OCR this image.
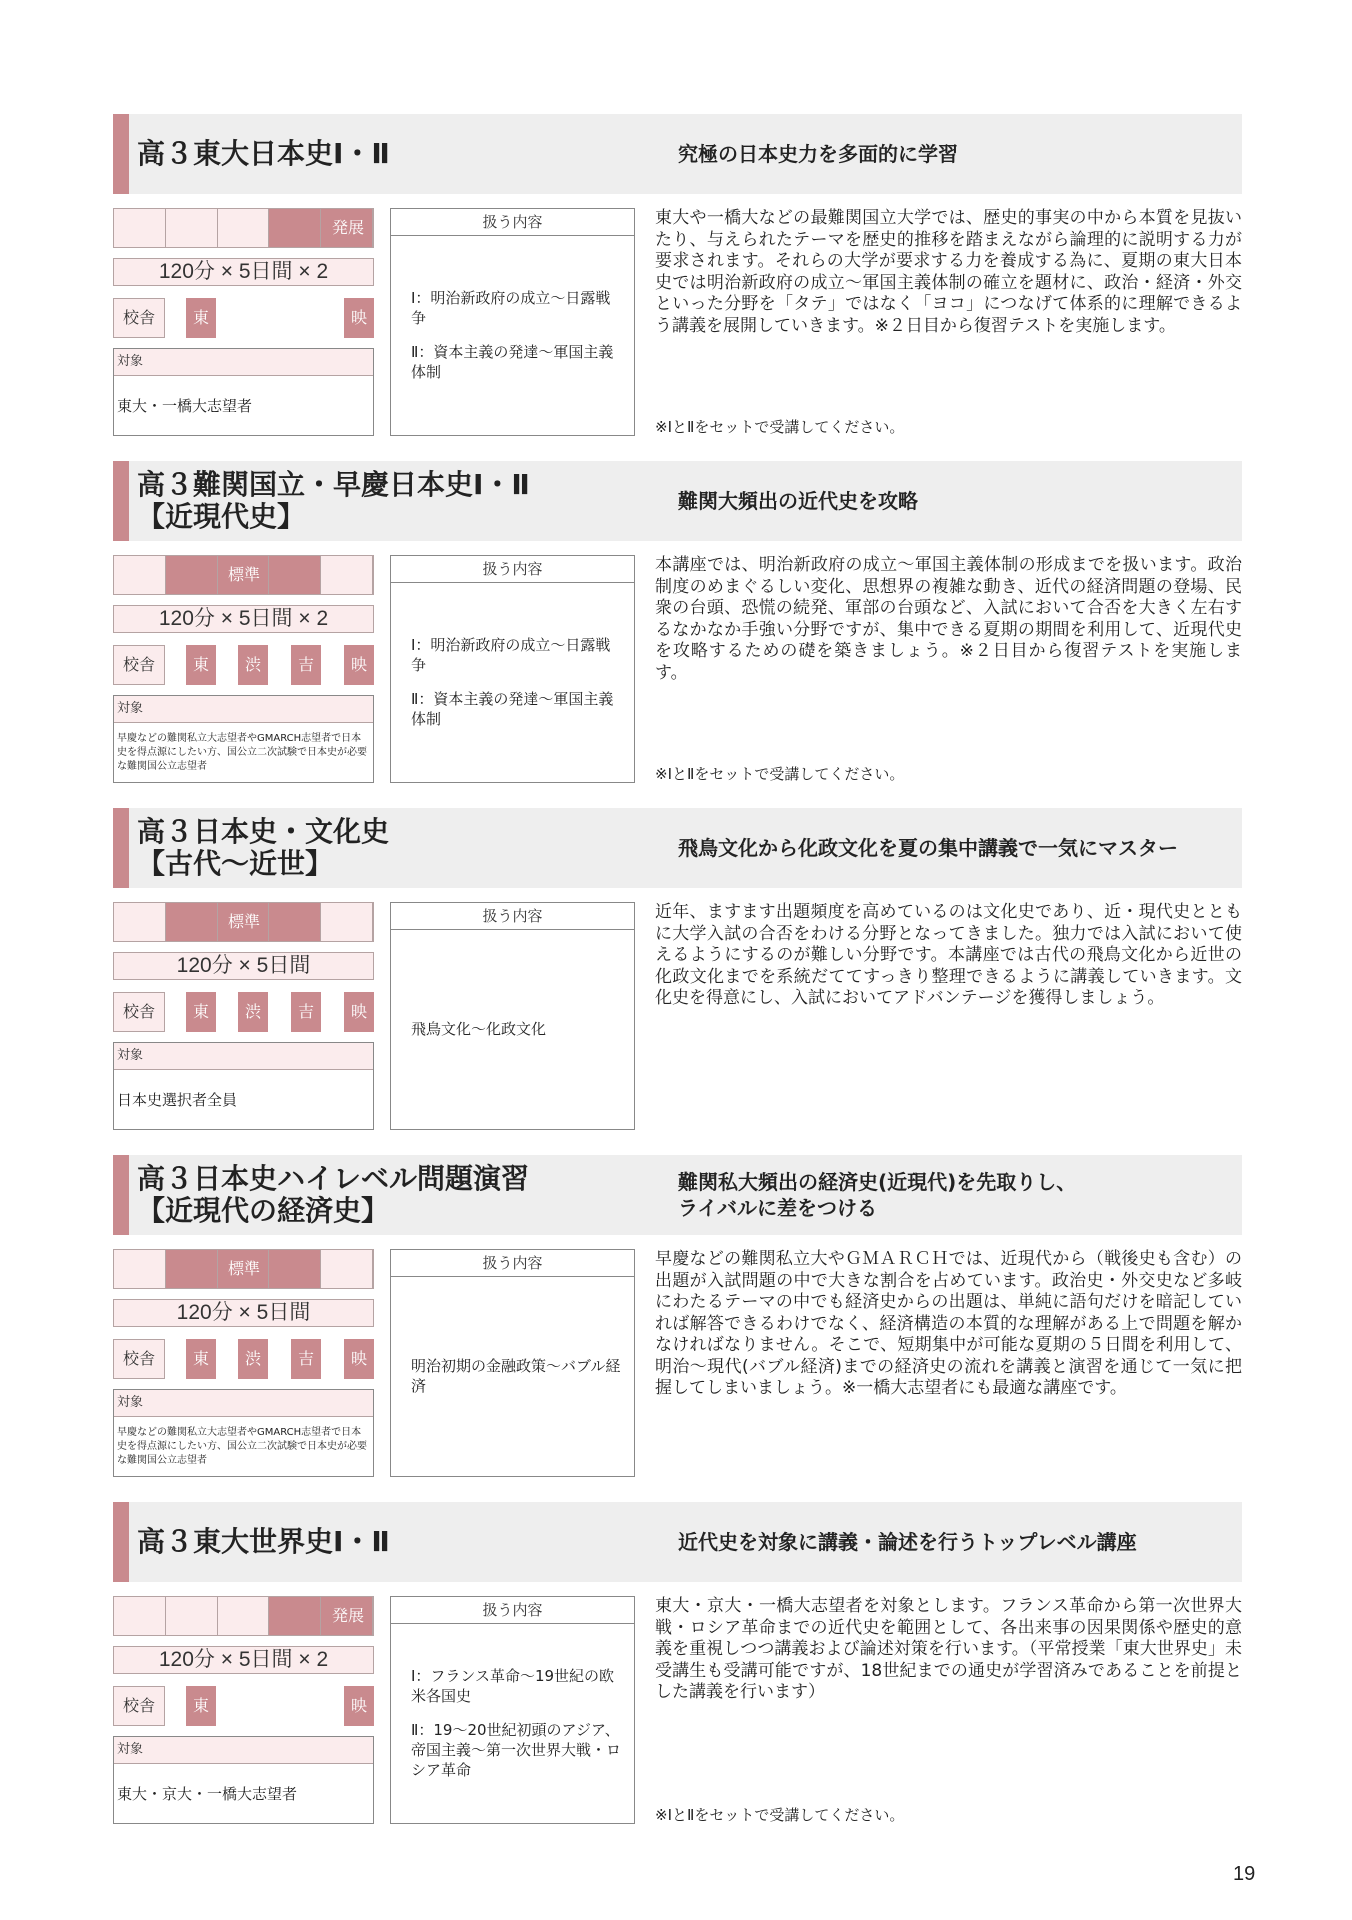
高３東大日本史Ⅰ・Ⅱ	究極の日本史力を多面的に学習
発展
120分 × 5日間 × 2
校舎	東	映
対象
東大・一橋大志望者
扱う内容

Ⅰ：明治新政府の成立～日露戦争

Ⅱ：資本主義の発達～軍国主義体制

東大や一橋大などの最難関国立大学では、歴史的事実の中から本質を見抜いたり、与えられたテーマを歴史的推移を踏まえながら論理的に説明する力が要求されます。それらの大学が要求する力を養成する為に、夏期の東大日本史では明治新政府の成立～軍国主義体制の確立を題材に、政治・経済・外交といった分野を「タテ」ではなく「ヨコ」につなげて体系的に理解できるよう講義を展開していきます。※２日目から復習テストを実施します。

※ⅠとⅡをセットで受講してください。

高３難関国立・早慶日本史Ⅰ・Ⅱ
【近現代史】	難関大頻出の近代史を攻略
標準
120分 × 5日間 × 2
校舎	東	渋	吉	映
対象
早慶などの難関私立大志望者やGMARCH志望者で日本史を得点源にしたい方、国公立二次試験で日本史が必要な難関国公立志望者
扱う内容

Ⅰ：明治新政府の成立～日露戦争

Ⅱ：資本主義の発達～軍国主義体制

本講座では、明治新政府の成立～軍国主義体制の形成までを扱います。政治制度のめまぐるしい変化、思想界の複雑な動き、近代の経済問題の登場、民衆の台頭、恐慌の続発、軍部の台頭など、入試において合否を大きく左右するなかなか手強い分野ですが、集中できる夏期の期間を利用して、近現代史を攻略するための礎を築きましょう。※２日目から復習テストを実施します。

※ⅠとⅡをセットで受講してください。

高３日本史・文化史
【古代～近世】	飛鳥文化から化政文化を夏の集中講義で一気にマスター
標準
120分 × 5日間
校舎	東	渋	吉	映
対象
日本史選択者全員
扱う内容

飛鳥文化～化政文化

近年、ますます出題頻度を高めているのは文化史であり、近・現代史とともに大学入試の合否をわける分野となってきました。独力では入試において使えるようにするのが難しい分野です。本講座では古代の飛鳥文化から近世の化政文化までを系統だててすっきり整理できるように講義していきます。文化史を得意にし、入試においてアドバンテージを獲得しましょう。

高３日本史ハイレベル問題演習
【近現代の経済史】
難関私大頻出の経済史(近現代)を先取りし、
ライバルに差をつける
標準
120分 × 5日間
校舎	東	渋	吉	映
対象
早慶などの難関私立大志望者やGMARCH志望者で日本史を得点源にしたい方、国公立二次試験で日本史が必要な難関国公立志望者
扱う内容

明治初期の金融政策～バブル経済

早慶などの難関私立大やＧＭＡＲＣＨでは、近現代から（戦後史も含む）の出題が入試問題の中で大きな割合を占めています。政治史・外交史など多岐にわたるテーマの中でも経済史からの出題は、単純に語句だけを暗記していれば解答できるわけでなく、経済構造の本質的な理解がある上で問題を解かなければなりません。そこで、短期集中が可能な夏期の５日間を利用して、明治～現代(バブル経済)までの経済史の流れを講義と演習を通じて一気に把握してしまいましょう。※一橋大志望者にも最適な講座です。

高３東大世界史Ⅰ・Ⅱ	近代史を対象に講義・論述を行うトップレベル講座
発展
120分 × 5日間 × 2
校舎	東	映
対象
東大・京大・一橋大志望者
扱う内容

Ⅰ：フランス革命～19世紀の欧米各国史

Ⅱ：19～20世紀初頭のアジア、帝国主義～第一次世界大戦・ロシア革命

東大・京大・一橋大志望者を対象とします。フランス革命から第一次世界大戦・ロシア革命までの近代史を範囲として、各出来事の因果関係や歴史的意義を重視しつつ講義および論述対策を行います。（平常授業「東大世界史」未受講生も受講可能ですが、18世紀までの通史が学習済みであることを前提とした講義を行います）

※ⅠとⅡをセットで受講してください。

19
